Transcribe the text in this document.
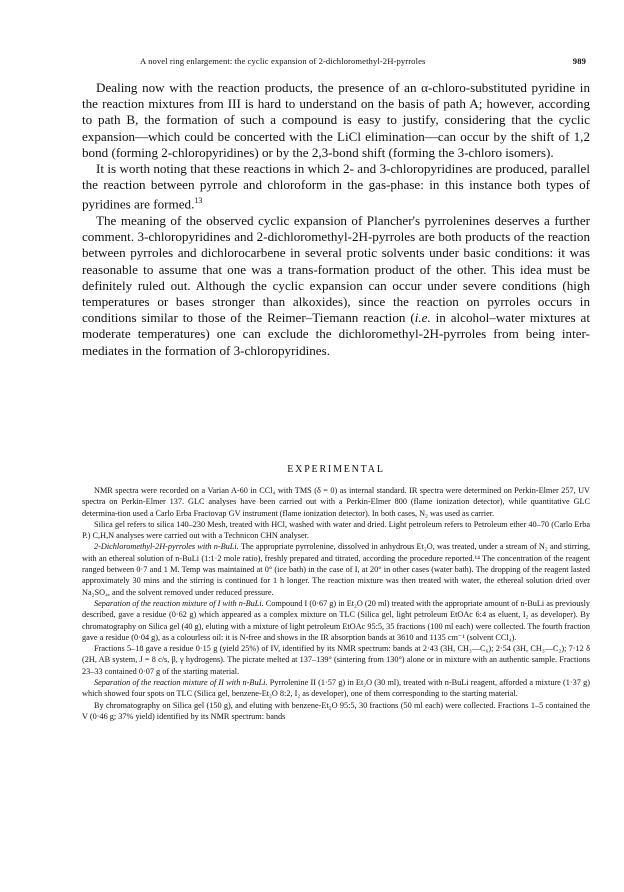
A novel ring enlargement: the cyclic expansion of 2-dichloromethyl-2H-pyrroles	989

Dealing now with the reaction products, the presence of an α-chloro-substituted pyridine in the reaction mixtures from III is hard to understand on the basis of path A; however, according to path B, the formation of such a compound is easy to justify, considering that the cyclic expansion—which could be concerted with the LiCl elimination—can occur by the shift of 1,2 bond (forming 2-chloropyridines) or by the 2,3-bond shift (forming the 3-chloro isomers).

It is worth noting that these reactions in which 2- and 3-chloropyridines are produced, parallel the reaction between pyrrole and chloroform in the gas-phase: in this instance both types of pyridines are formed.$^{13}$

The meaning of the observed cyclic expansion of Plancher's pyrrolenines deserves a further comment. 3-chloropyridines and 2-dichloromethyl-2H-pyrroles are both products of the reaction between pyrroles and dichlorocarbene in several protic solvents under basic conditions: it was reasonable to assume that one was a trans-formation product of the other. This idea must be definitely ruled out. Although the cyclic expansion can occur under severe conditions (high temperatures or bases stronger than alkoxides), since the reaction on pyrroles occurs in conditions similar to those of the Reimer–Tiemann reaction (i.e. in alcohol–water mixtures at moderate temperatures) one can exclude the dichloromethyl-2H-pyrroles from being inter-mediates in the formation of 3-chloropyridines.

EXPERIMENTAL

NMR spectra were recorded on a Varian A-60 in CCl₄ with TMS (δ = 0) as internal standard. IR spectra were determined on Perkin-Elmer 257, UV spectra on Perkin-Elmer 137. GLC analyses have been carried out with a Perkin-Elmer 800 (flame ionization detector), while quantitative GLC determina-tion used a Carlo Erba Fractovap GV instrument (flame ionization detector). In both cases, N₂ was used as carrier.

Silica gel refers to silica 140–230 Mesh, treated with HCl, washed with water and dried. Light petroleum refers to Petroleum ether 40–70 (Carlo Erba P.) C,H,N analyses were carried out with a Technicon CHN analyser.

2-Dichloromethyl-2H-pyrroles with n-BuLi. The appropriate pyrrolenine, dissolved in anhydrous Et₂O, was treated, under a stream of N₂ and stirring, with an ethereal solution of n-BuLi (1:1·2 mole ratio), freshly prepared and titrated, according the procedure reported.¹⁴ The concentration of the reagent ranged between 0·7 and 1 M. Temp was maintained at 0° (ice bath) in the case of I, at 20° in other cases (water bath). The dropping of the reagent lasted approximately 30 mins and the stirring is continued for 1 h longer. The reaction mixture was then treated with water, the ethereal solution dried over Na₂SO₄, and the solvent removed under reduced pressure.

Separation of the reaction mixture of I with n-BuLi. Compound I (0·67 g) in Et₂O (20 ml) treated with the appropriate amount of n-BuLi as previously described, gave a residue (0·62 g) which appeared as a complex mixture on TLC (Silica gel, light petroleum EtOAc 6:4 as eluent, I₂ as developer). By chromatography on Silica gel (40 g), eluting with a mixture of light petroleum EtOAc 95:5, 35 fractions (100 ml each) were collected. The fourth fraction gave a residue (0·04 g), as a colourless oil: it is N-free and shows in the IR absorption bands at 3610 and 1135 cm⁻¹ (solvent CCl₄).

Fractions 5–18 gave a residue 0·15 g (yield 25%) of IV, identified by its NMR spectrum: bands at 2·43 (3H, CH₃—C₆); 2·54 (3H, CH₃—C₂); 7·12 δ (2H, AB system, J = 8 c/s, β, γ hydrogens). The picrate melted at 137–139° (sintering from 130°) alone or in mixture with an authentic sample. Fractions 23–33 contained 0·07 g of the starting material.

Separation of the reaction mixture of II with n-BuLi. Pyrrolenine II (1·57 g) in Et₂O (30 ml), treated with n-BuLi reagent, afforded a mixture (1·37 g) which showed four spots on TLC (Silica gel, benzene-Et₂O 8:2, I₂ as developer), one of them corresponding to the starting material.

By chromatography on Silica gel (150 g), and eluting with benzene-Et₂O 95:5, 30 fractions (50 ml each) were collected. Fractions 1–5 contained the V (0·46 g; 37% yield) identified by its NMR spectrum: bands
